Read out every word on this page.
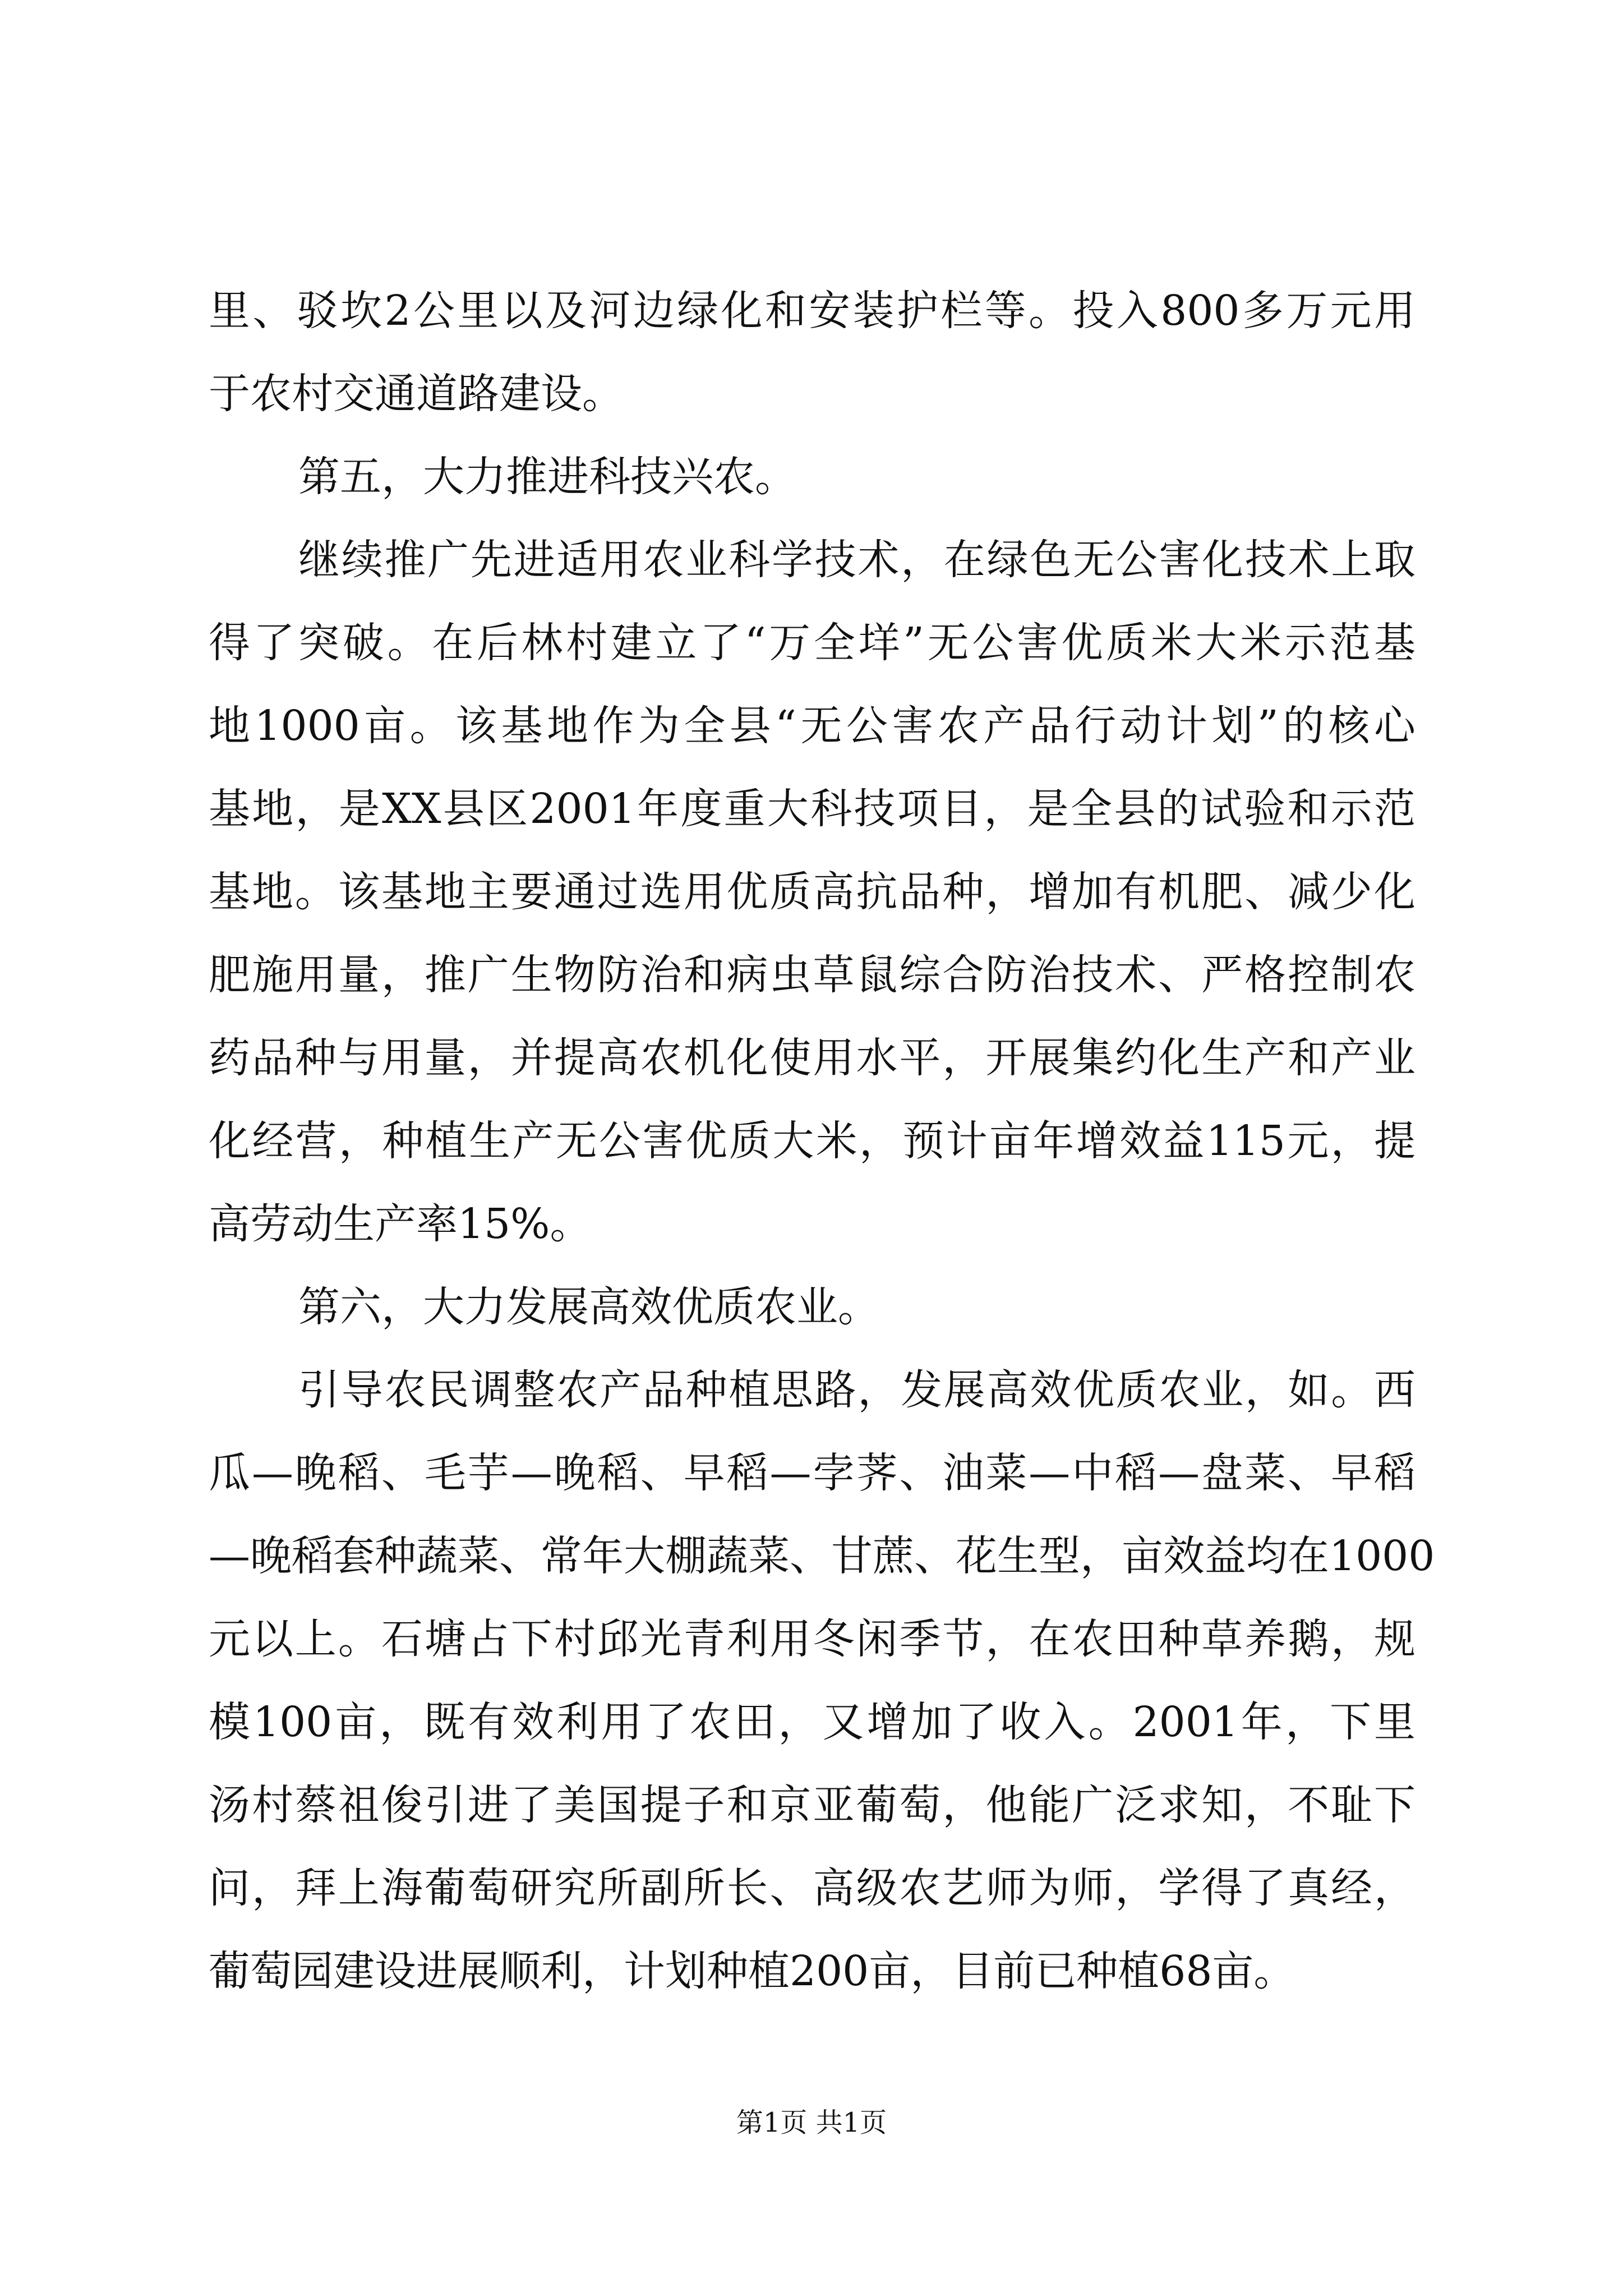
里、驳坎2公里以及河边绿化和安装护栏等。投入800多万元用
于农村交通道路建设。
第五，大力推进科技兴农。
继续推广先进适用农业科学技术，在绿色无公害化技术上取
得了突破。在后林村建立了“万全垟”无公害优质米大米示范基
地1000亩。该基地作为全县“无公害农产品行动计划”的核心
基地，是XX县区2001年度重大科技项目，是全县的试验和示范
基地。该基地主要通过选用优质高抗品种，增加有机肥、减少化
肥施用量，推广生物防治和病虫草鼠综合防治技术、严格控制农
药品种与用量，并提高农机化使用水平，开展集约化生产和产业
化经营，种植生产无公害优质大米，预计亩年增效益115元，提
高劳动生产率15%。
第六，大力发展高效优质农业。
引导农民调整农产品种植思路，发展高效优质农业，如。西
瓜—晚稻、毛芋—晚稻、早稻—孛荠、油菜—中稻—盘菜、早稻
—晚稻套种蔬菜、常年大棚蔬菜、甘蔗、花生型，亩效益均在1000
元以上。石塘占下村邱光青利用冬闲季节，在农田种草养鹅，规
模100亩，既有效利用了农田，又增加了收入。2001年，下里
汤村蔡祖俊引进了美国提子和京亚葡萄，他能广泛求知，不耻下
问，拜上海葡萄研究所副所长、高级农艺师为师，学得了真经，
葡萄园建设进展顺利，计划种植200亩，目前已种植68亩。
第1页 共1页
